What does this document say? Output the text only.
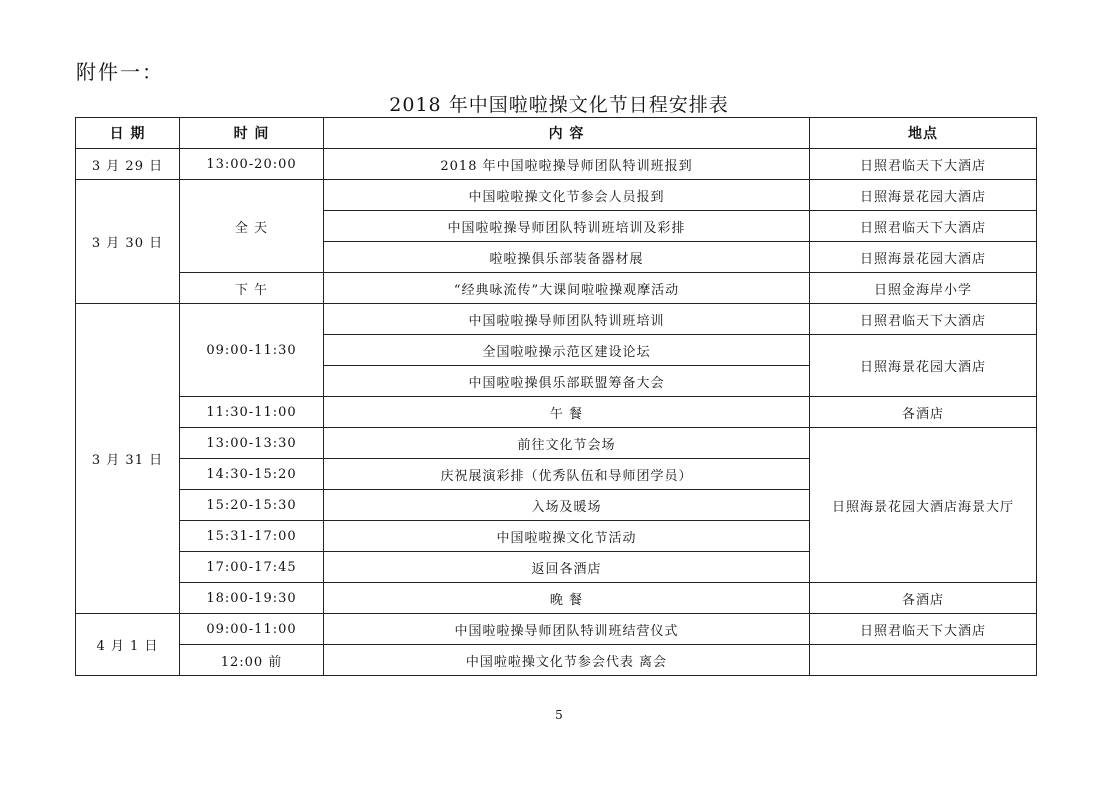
附件一：
2018 年中国啦啦操文化节日程安排表
日 期	时 间	内 容	地点
3 月 29 日	13:00-20:00	2018 年中国啦啦操导师团队特训班报到	日照君临天下大酒店
3 月 30 日	全 天	中国啦啦操文化节参会人员报到	日照海景花园大酒店
		中国啦啦操导师团队特训班培训及彩排	日照君临天下大酒店
		啦啦操俱乐部装备器材展	日照海景花园大酒店
	下 午	“经典咏流传”大课间啦啦操观摩活动	日照金海岸小学
3 月 31 日	09:00-11:30	中国啦啦操导师团队特训班培训	日照君临天下大酒店
		全国啦啦操示范区建设论坛	日照海景花园大酒店
		中国啦啦操俱乐部联盟筹备大会	
	11:30-11:00	午 餐	各酒店
	13:00-13:30	前往文化节会场	日照海景花园大酒店海景大厅
	14:30-15:20	庆祝展演彩排（优秀队伍和导师团学员）	
	15:20-15:30	入场及暖场	
	15:31-17:00	中国啦啦操文化节活动	
	17:00-17:45	返回各酒店	
	18:00-19:30	晚 餐	各酒店
4 月 1 日	09:00-11:00	中国啦啦操导师团队特训班结营仪式	日照君临天下大酒店
	12:00 前	中国啦啦操文化节参会代表 离会	
5
